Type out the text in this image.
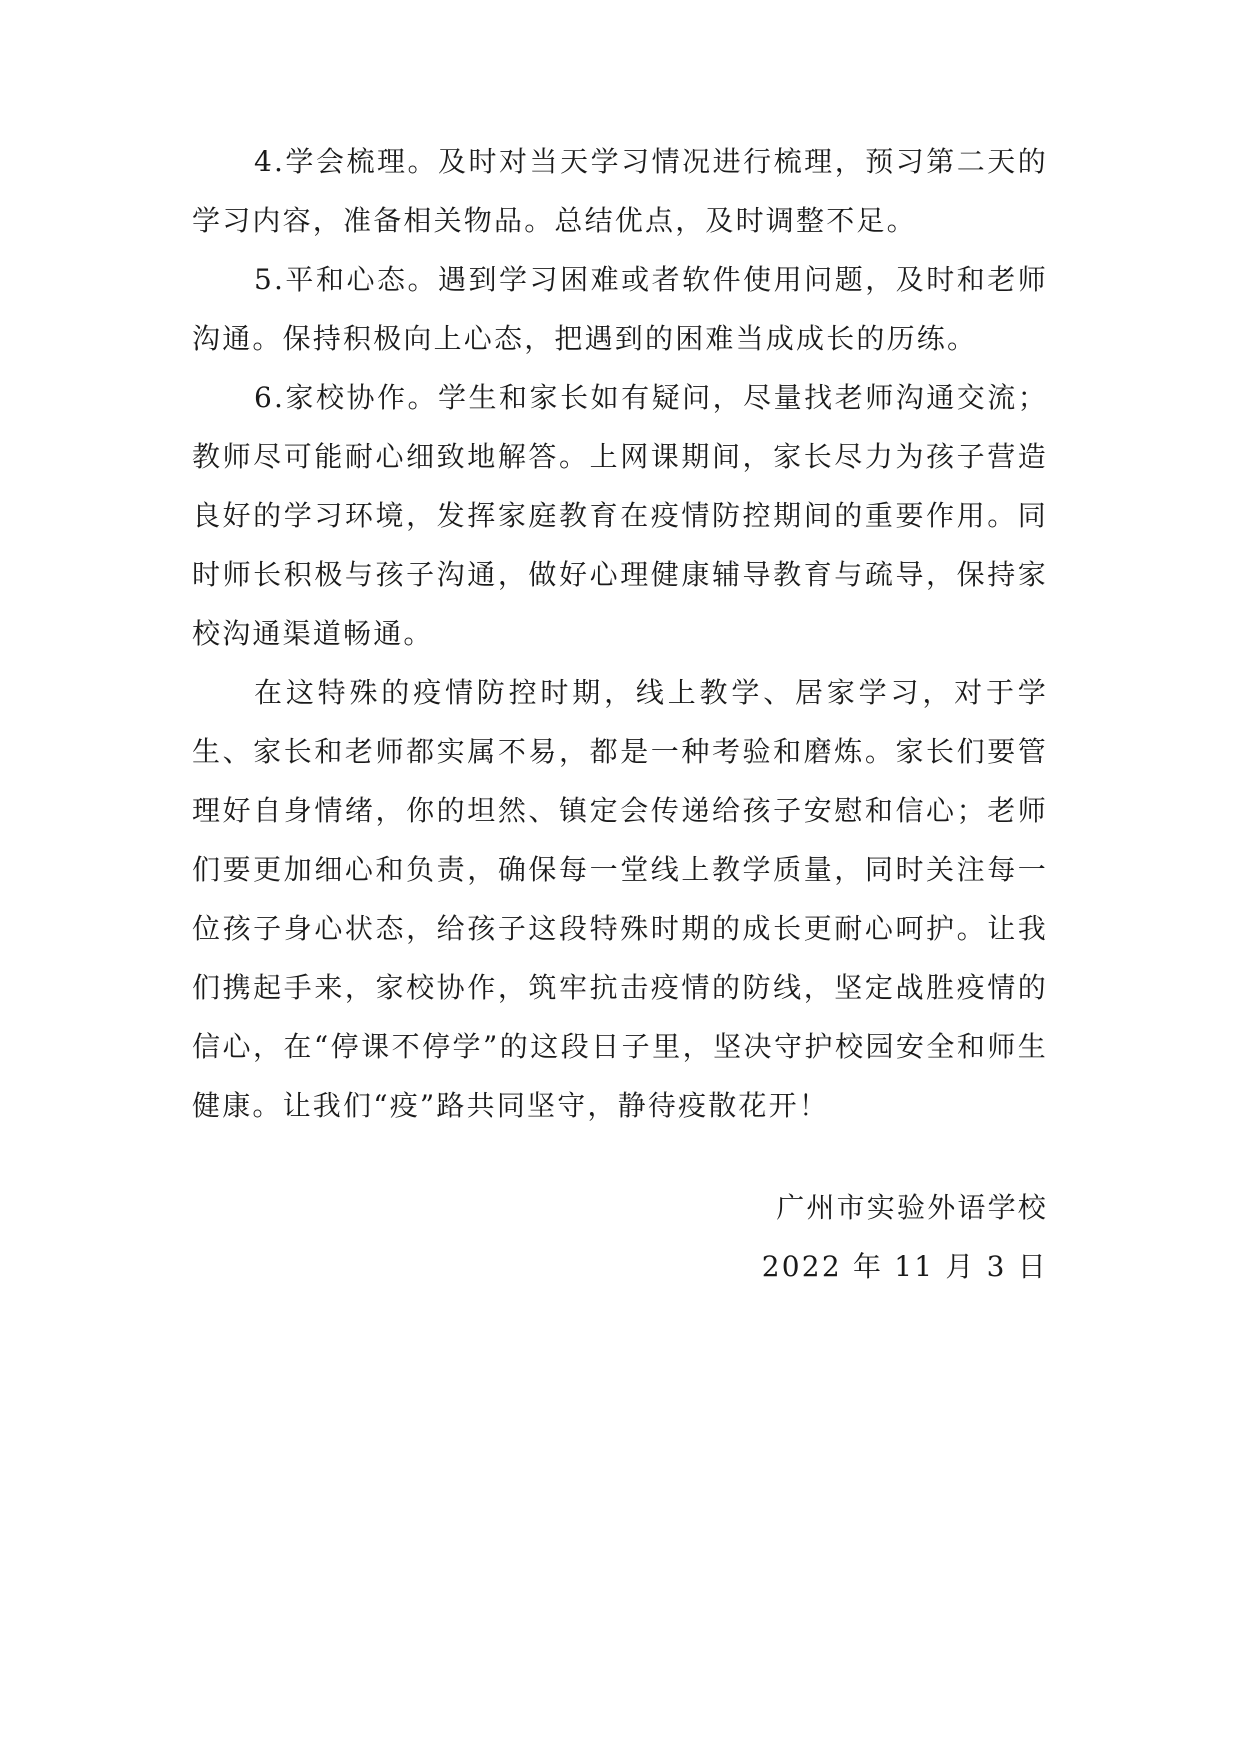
4.学会梳理。及时对当天学习情况进行梳理，预习第二天的学习内容，准备相关物品。总结优点，及时调整不足。

5.平和心态。遇到学习困难或者软件使用问题，及时和老师沟通。保持积极向上心态，把遇到的困难当成成长的历练。

6.家校协作。学生和家长如有疑问，尽量找老师沟通交流；教师尽可能耐心细致地解答。上网课期间，家长尽力为孩子营造良好的学习环境，发挥家庭教育在疫情防控期间的重要作用。同时师长积极与孩子沟通，做好心理健康辅导教育与疏导，保持家校沟通渠道畅通。

在这特殊的疫情防控时期，线上教学、居家学习，对于学生、家长和老师都实属不易，都是一种考验和磨炼。家长们要管理好自身情绪，你的坦然、镇定会传递给孩子安慰和信心；老师们要更加细心和负责，确保每一堂线上教学质量，同时关注每一位孩子身心状态，给孩子这段特殊时期的成长更耐心呵护。让我们携起手来，家校协作，筑牢抗击疫情的防线，坚定战胜疫情的信心，在“停课不停学”的这段日子里，坚决守护校园安全和师生健康。让我们“疫”路共同坚守，静待疫散花开！

广州市实验外语学校
2022 年 11 月 3 日
